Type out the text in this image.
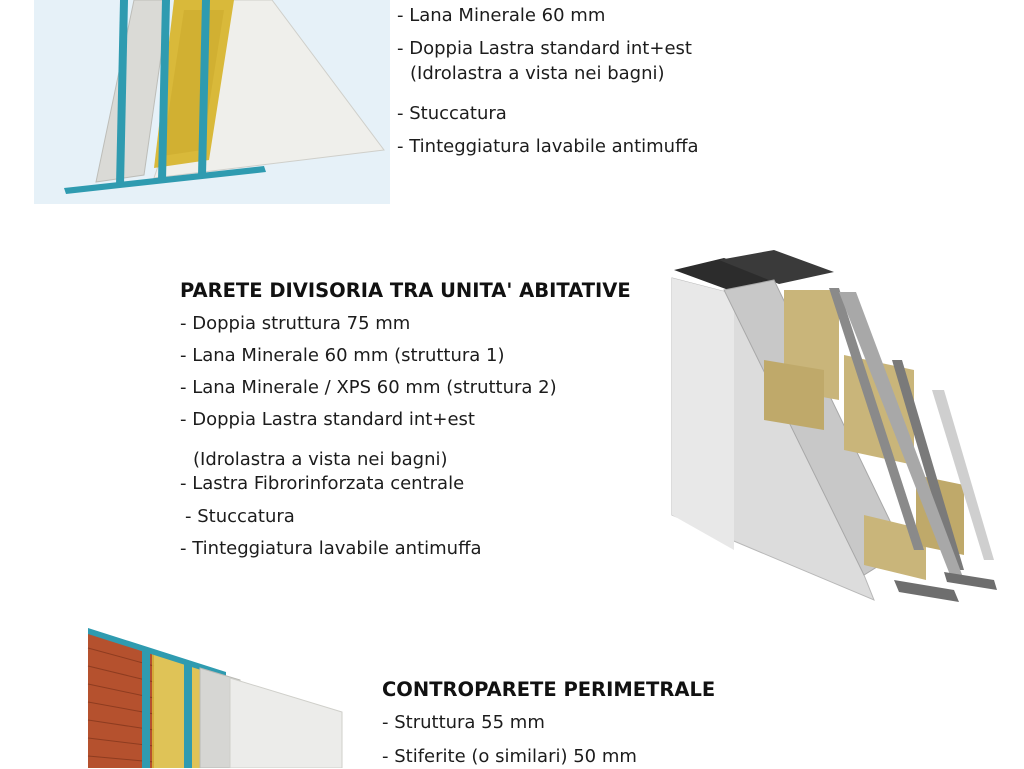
- Lana Minerale 60 mm
- Doppia Lastra standard int+est
(Idrolastra a vista nei bagni)
- Stuccatura
- Tinteggiatura lavabile antimuffa
PARETE DIVISORIA TRA UNITA' ABITATIVE
- Doppia struttura 75 mm
- Lana Minerale 60 mm (struttura 1)
- Lana Minerale / XPS 60 mm (struttura 2)
- Doppia Lastra standard int+est
(Idrolastra a vista nei bagni)
- Lastra Fibrorinforzata centrale
- Stuccatura
- Tinteggiatura lavabile antimuffa
CONTROPARETE PERIMETRALE
- Struttura 55 mm
- Stiferite (o similari) 50 mm
